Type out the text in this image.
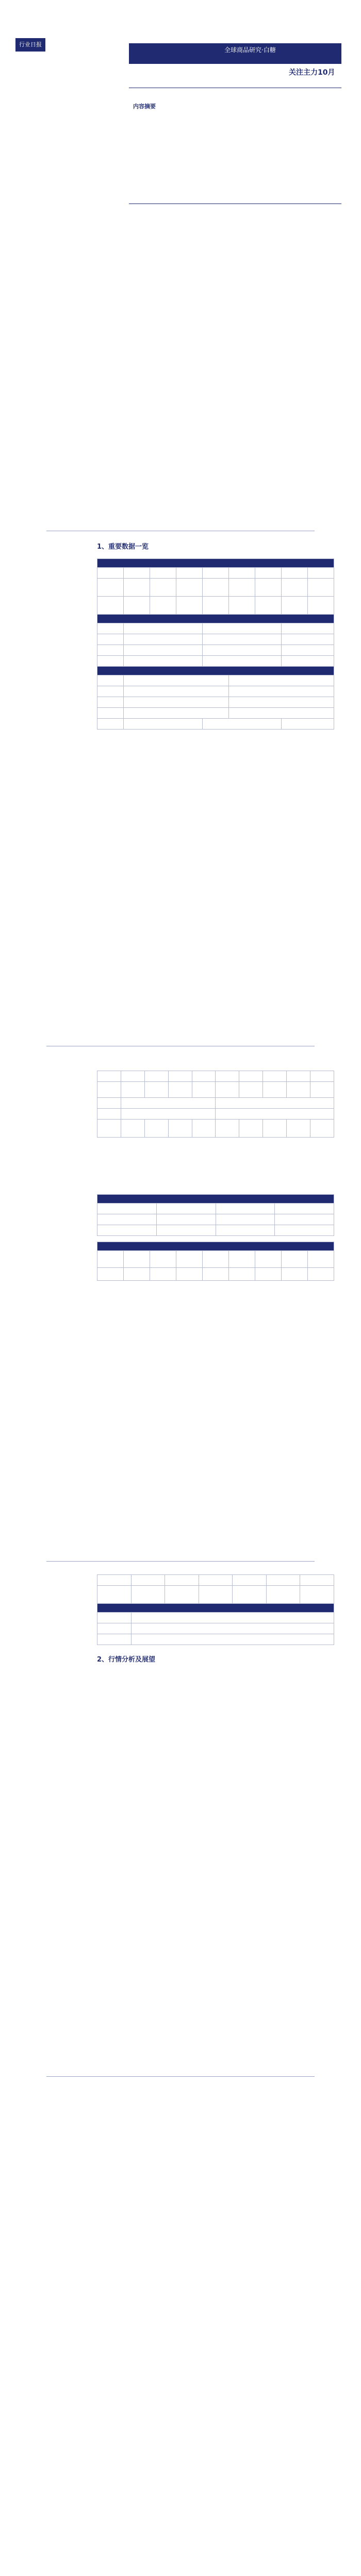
行业日报
全球商品研究·白糖
关注主力10月
内容摘要
1、重要数据一览

2、行情分析及展望
